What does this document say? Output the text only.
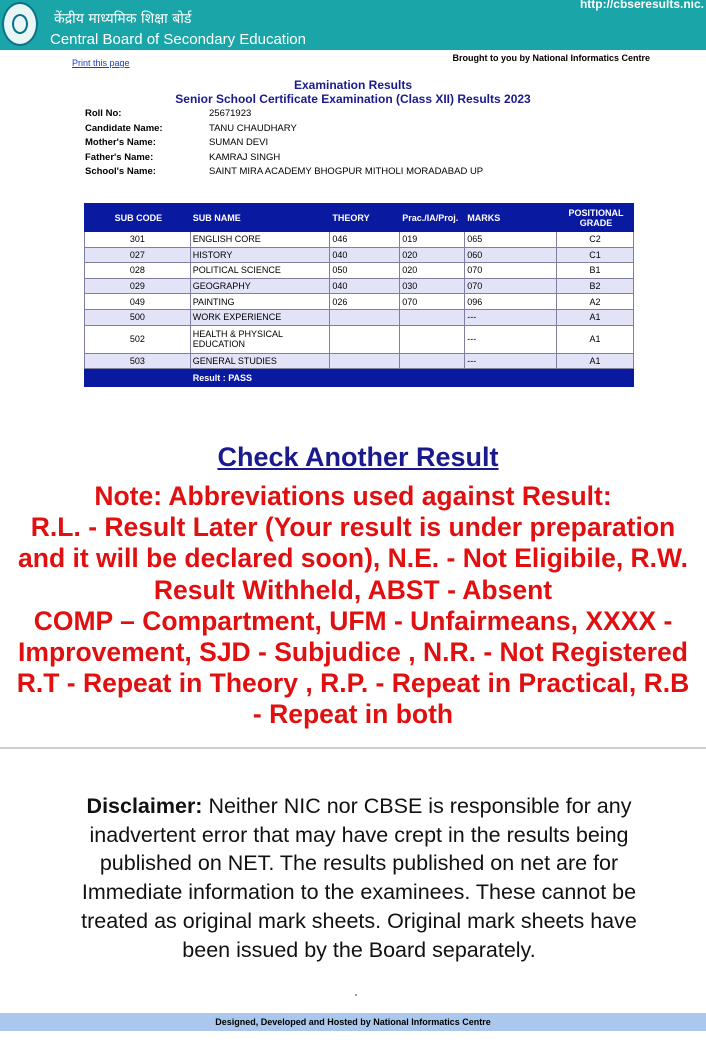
केंद्रीय माध्यमिक शिक्षा बोर्ड
Central Board of Secondary Education
http://cbseresults.nic.
Print this page	Brought to you by National Informatics Centre
Examination Results
Senior School Certificate Examination (Class XII) Results 2023
Roll No:	25671923
Candidate Name:	TANU CHAUDHARY
Mother's Name:	SUMAN DEVI
Father's Name:	KAMRAJ SINGH
School's Name:	SAINT MIRA ACADEMY BHOGPUR MITHOLI MORADABAD UP
SUB CODE	SUB NAME	THEORY	Prac./IA/Proj.	MARKS	POSITIONAL GRADE
301	ENGLISH CORE	046	019	065	C2
027	HISTORY	040	020	060	C1
028	POLITICAL SCIENCE	050	020	070	B1
029	GEOGRAPHY	040	030	070	B2
049	PAINTING	026	070	096	A2
500	WORK EXPERIENCE			---	A1
502	HEALTH & PHYSICAL EDUCATION			---	A1
503	GENERAL STUDIES			---	A1
	Result : PASS				
Check Another Result
Note: Abbreviations used against Result:
R.L. - Result Later (Your result is under preparation
and it will be declared soon), N.E. - Not Eligibile, R.W.
Result Withheld, ABST - Absent
COMP – Compartment, UFM - Unfairmeans, XXXX -
Improvement, SJD - Subjudice , N.R. - Not Registered
R.T - Repeat in Theory , R.P. - Repeat in Practical, R.B
- Repeat in both
Disclaimer: Neither NIC nor CBSE is responsible for any inadvertent error that may have crept in the results being published on NET. The results published on net are for Immediate information to the examinees. These cannot be treated as original mark sheets. Original mark sheets have been issued by the Board separately.
Designed, Developed and Hosted by National Informatics Centre
